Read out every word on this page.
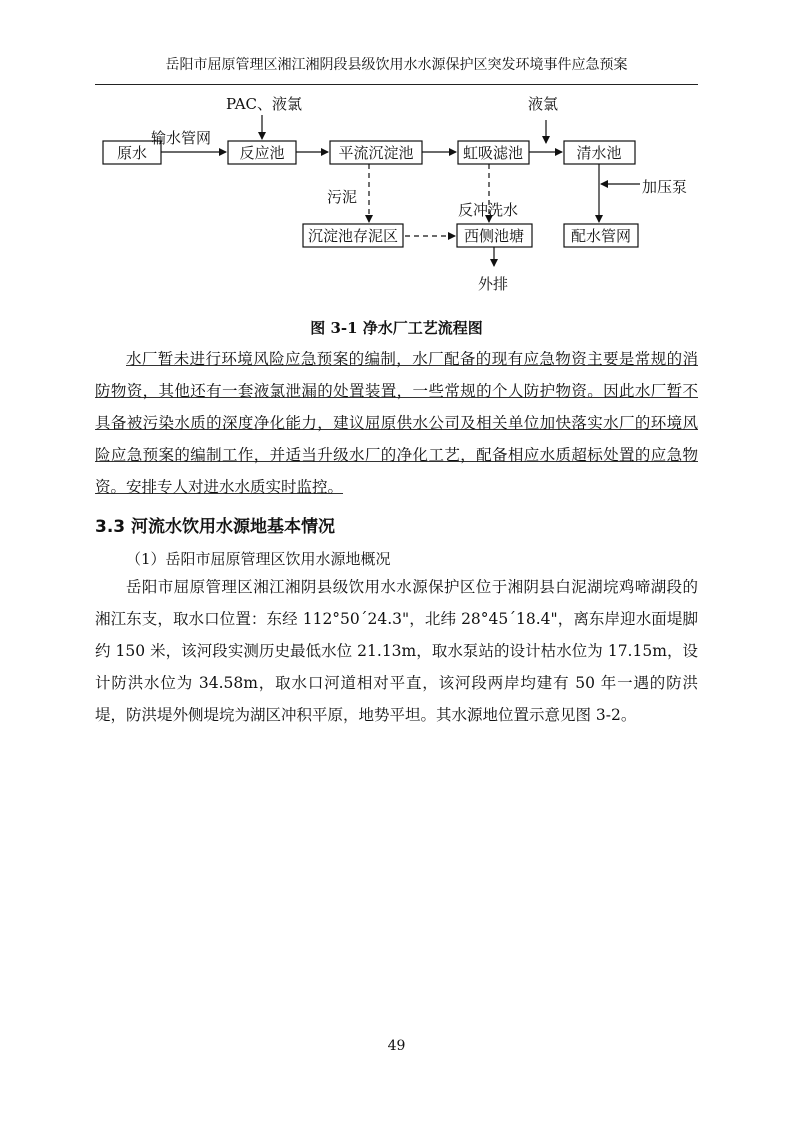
岳阳市屈原管理区湘江湘阴段县级饮用水水源保护区突发环境事件应急预案
原水	反应池	平流沉淀池	虹吸滤池	清水池
沉淀池存泥区	西侧池塘	配水管网
PAC、液氯	液氯
输水管网
污泥
反冲洗水
加压泵
外排
图 3-1 净水厂工艺流程图
水厂暂未进行环境风险应急预案的编制，水厂配备的现有应急物资主要是常规的消防物资，其他还有一套液氯泄漏的处置装置，一些常规的个人防护物资。因此水厂暂不具备被污染水质的深度净化能力，建议屈原供水公司及相关单位加快落实水厂的环境风险应急预案的编制工作，并适当升级水厂的净化工艺，配备相应水质超标处置的应急物资。安排专人对进水水质实时监控。
3.3 河流水饮用水源地基本情况
（1）岳阳市屈原管理区饮用水源地概况
岳阳市屈原管理区湘江湘阴县级饮用水水源保护区位于湘阴县白泥湖垸鸡啼湖段的湘江东支，取水口位置：东经 112°50´24.3"，北纬 28°45´18.4"，离东岸迎水面堤脚约 150 米，该河段实测历史最低水位 21.13m，取水泵站的设计枯水位为 17.15m，设计防洪水位为 34.58m，取水口河道相对平直，该河段两岸均建有 50 年一遇的防洪堤，防洪堤外侧堤垸为湖区冲积平原，地势平坦。其水源地位置示意见图 3-2。
49
